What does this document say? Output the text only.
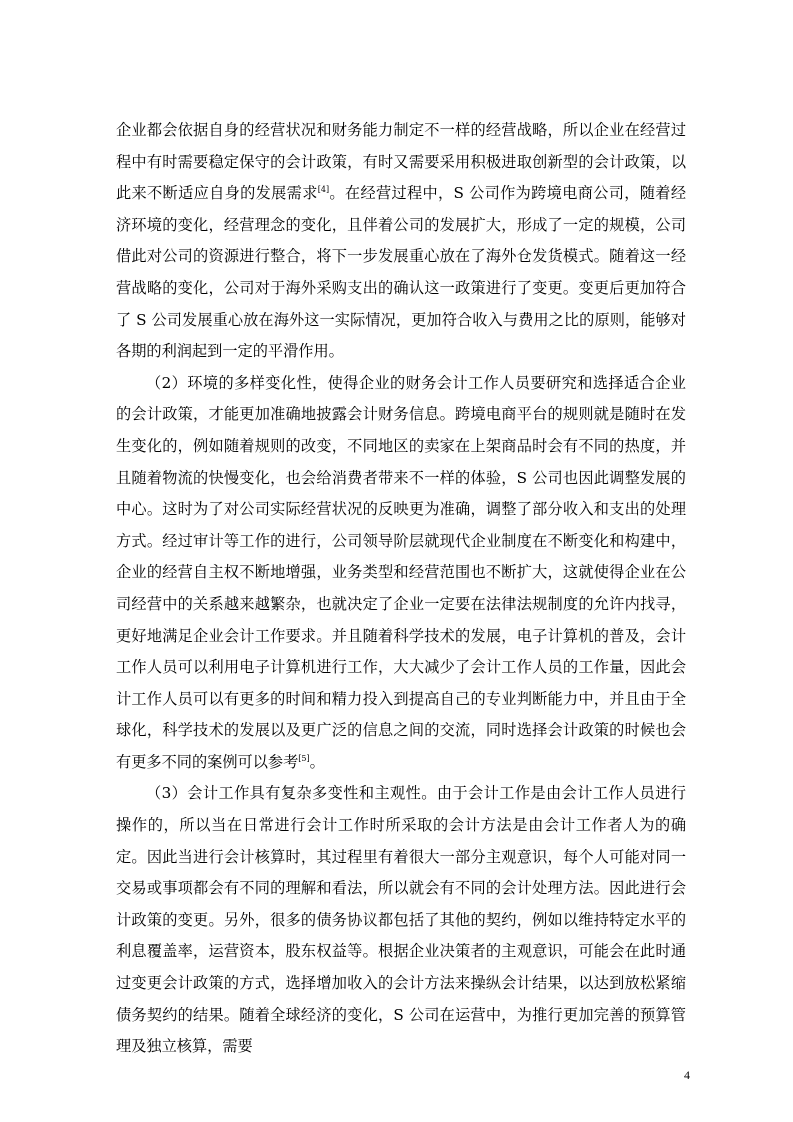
企业都会依据自身的经营状况和财务能力制定不一样的经营战略，所以企业在经营过程中有时需要稳定保守的会计政策，有时又需要采用积极进取创新型的会计政策，以此来不断适应自身的发展需求[4]。在经营过程中，S 公司作为跨境电商公司，随着经济环境的变化，经营理念的变化，且伴着公司的发展扩大，形成了一定的规模，公司借此对公司的资源进行整合，将下一步发展重心放在了海外仓发货模式。随着这一经营战略的变化，公司对于海外采购支出的确认这一政策进行了变更。变更后更加符合了 S 公司发展重心放在海外这一实际情况，更加符合收入与费用之比的原则，能够对各期的利润起到一定的平滑作用。

（2）环境的多样变化性，使得企业的财务会计工作人员要研究和选择适合企业的会计政策，才能更加准确地披露会计财务信息。跨境电商平台的规则就是随时在发生变化的，例如随着规则的改变，不同地区的卖家在上架商品时会有不同的热度，并且随着物流的快慢变化，也会给消费者带来不一样的体验，S 公司也因此调整发展的中心。这时为了对公司实际经营状况的反映更为准确，调整了部分收入和支出的处理方式。经过审计等工作的进行，公司领导阶层就现代企业制度在不断变化和构建中，企业的经营自主权不断地增强，业务类型和经营范围也不断扩大，这就使得企业在公司经营中的关系越来越繁杂，也就决定了企业一定要在法律法规制度的允许内找寻，更好地满足企业会计工作要求。并且随着科学技术的发展，电子计算机的普及，会计工作人员可以利用电子计算机进行工作，大大减少了会计工作人员的工作量，因此会计工作人员可以有更多的时间和精力投入到提高自己的专业判断能力中，并且由于全球化，科学技术的发展以及更广泛的信息之间的交流，同时选择会计政策的时候也会有更多不同的案例可以参考[5]。

（3）会计工作具有复杂多变性和主观性。由于会计工作是由会计工作人员进行操作的，所以当在日常进行会计工作时所采取的会计方法是由会计工作者人为的确定。因此当进行会计核算时，其过程里有着很大一部分主观意识，每个人可能对同一交易或事项都会有不同的理解和看法，所以就会有不同的会计处理方法。因此进行会计政策的变更。另外，很多的债务协议都包括了其他的契约，例如以维持特定水平的利息覆盖率，运营资本，股东权益等。根据企业决策者的主观意识，可能会在此时通过变更会计政策的方式，选择增加收入的会计方法来操纵会计结果，以达到放松紧缩债务契约的结果。随着全球经济的变化，S 公司在运营中，为推行更加完善的预算管理及独立核算，需要

4
